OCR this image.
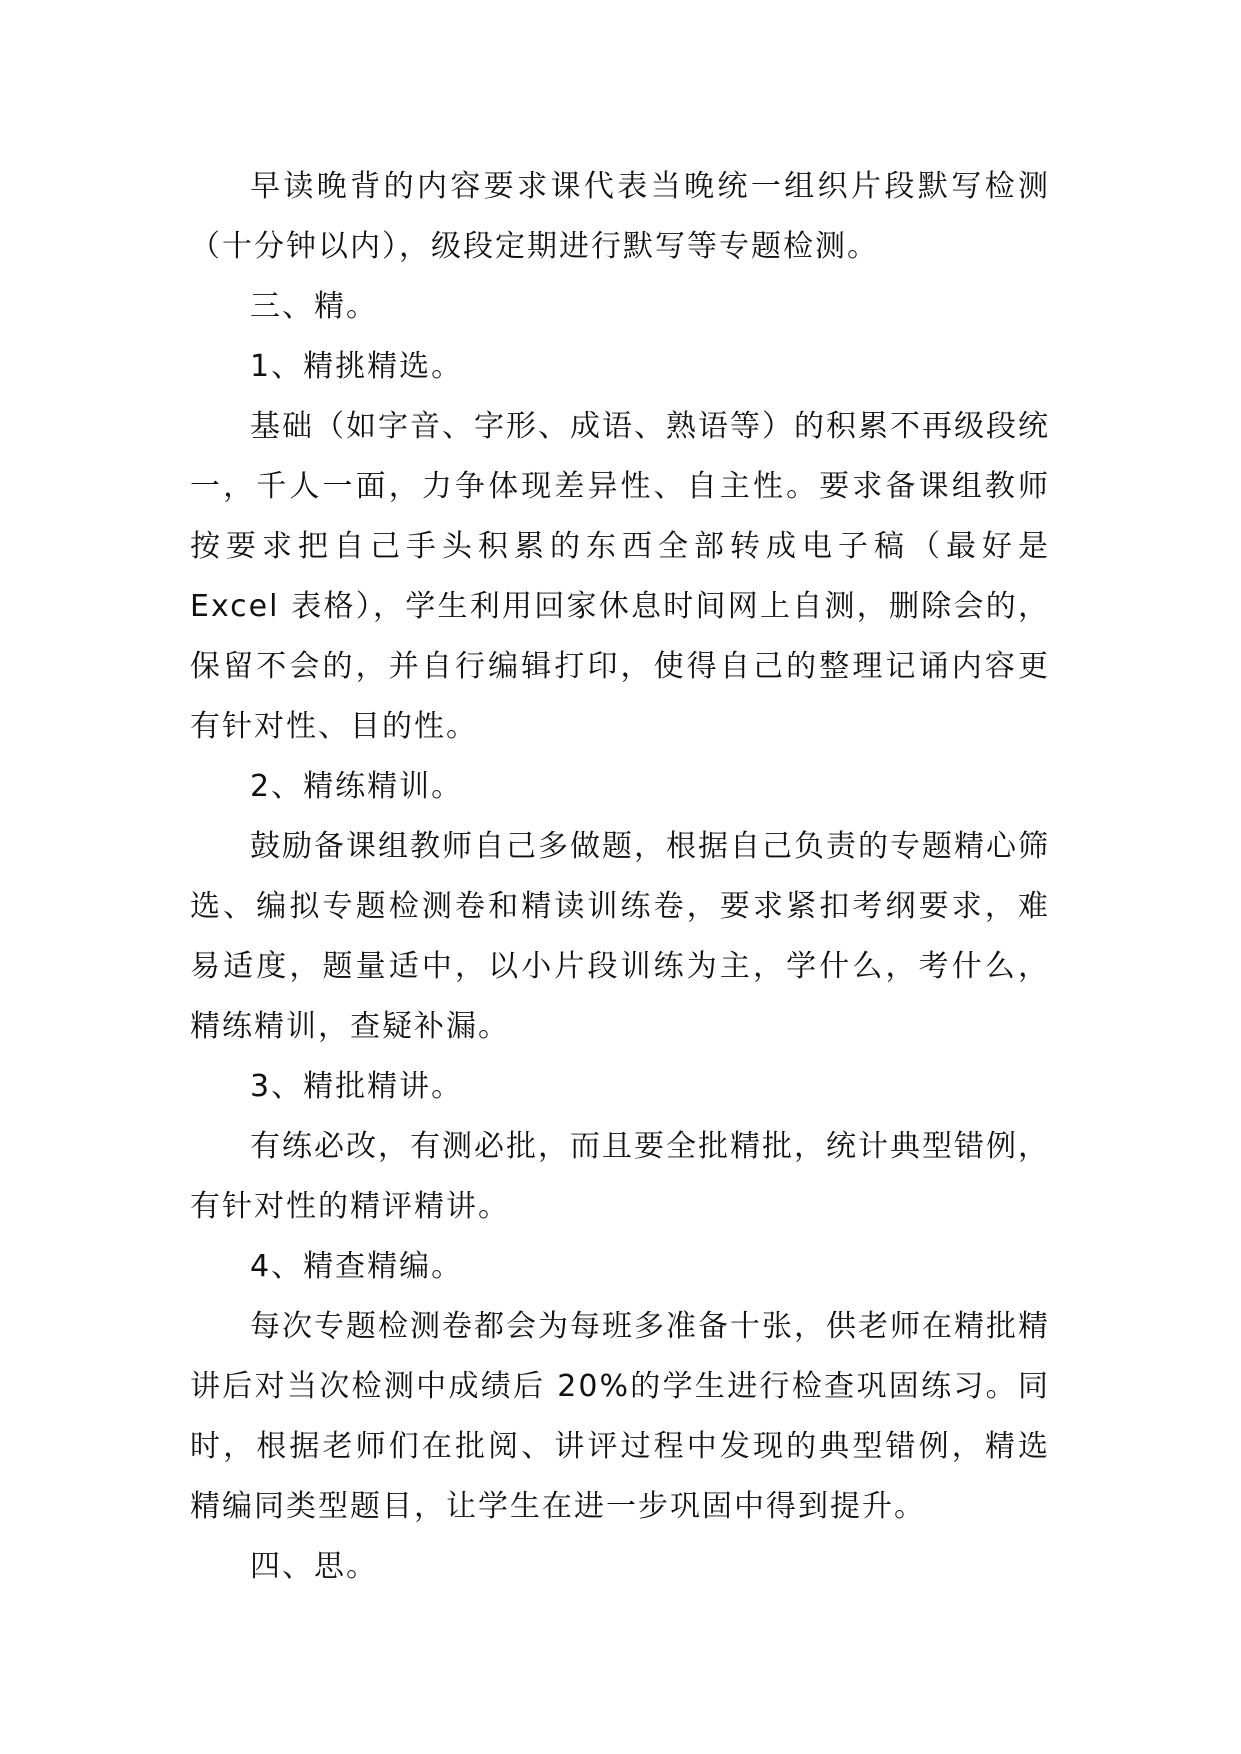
早读晚背的内容要求课代表当晚统一组织片段默写检测（十分钟以内），级段定期进行默写等专题检测。

三、精。

1、精挑精选。

基础（如字音、字形、成语、熟语等）的积累不再级段统一，千人一面，力争体现差异性、自主性。要求备课组教师按要求把自己手头积累的东西全部转成电子稿（最好是 Excel 表格），学生利用回家休息时间网上自测，删除会的，保留不会的，并自行编辑打印，使得自己的整理记诵内容更有针对性、目的性。

2、精练精训。

鼓励备课组教师自己多做题，根据自己负责的专题精心筛选、编拟专题检测卷和精读训练卷，要求紧扣考纲要求，难易适度，题量适中，以小片段训练为主，学什么，考什么，精练精训，查疑补漏。

3、精批精讲。

有练必改，有测必批，而且要全批精批，统计典型错例，有针对性的精评精讲。

4、精查精编。

每次专题检测卷都会为每班多准备十张，供老师在精批精讲后对当次检测中成绩后 20%的学生进行检查巩固练习。同时，根据老师们在批阅、讲评过程中发现的典型错例，精选精编同类型题目，让学生在进一步巩固中得到提升。

四、思。
